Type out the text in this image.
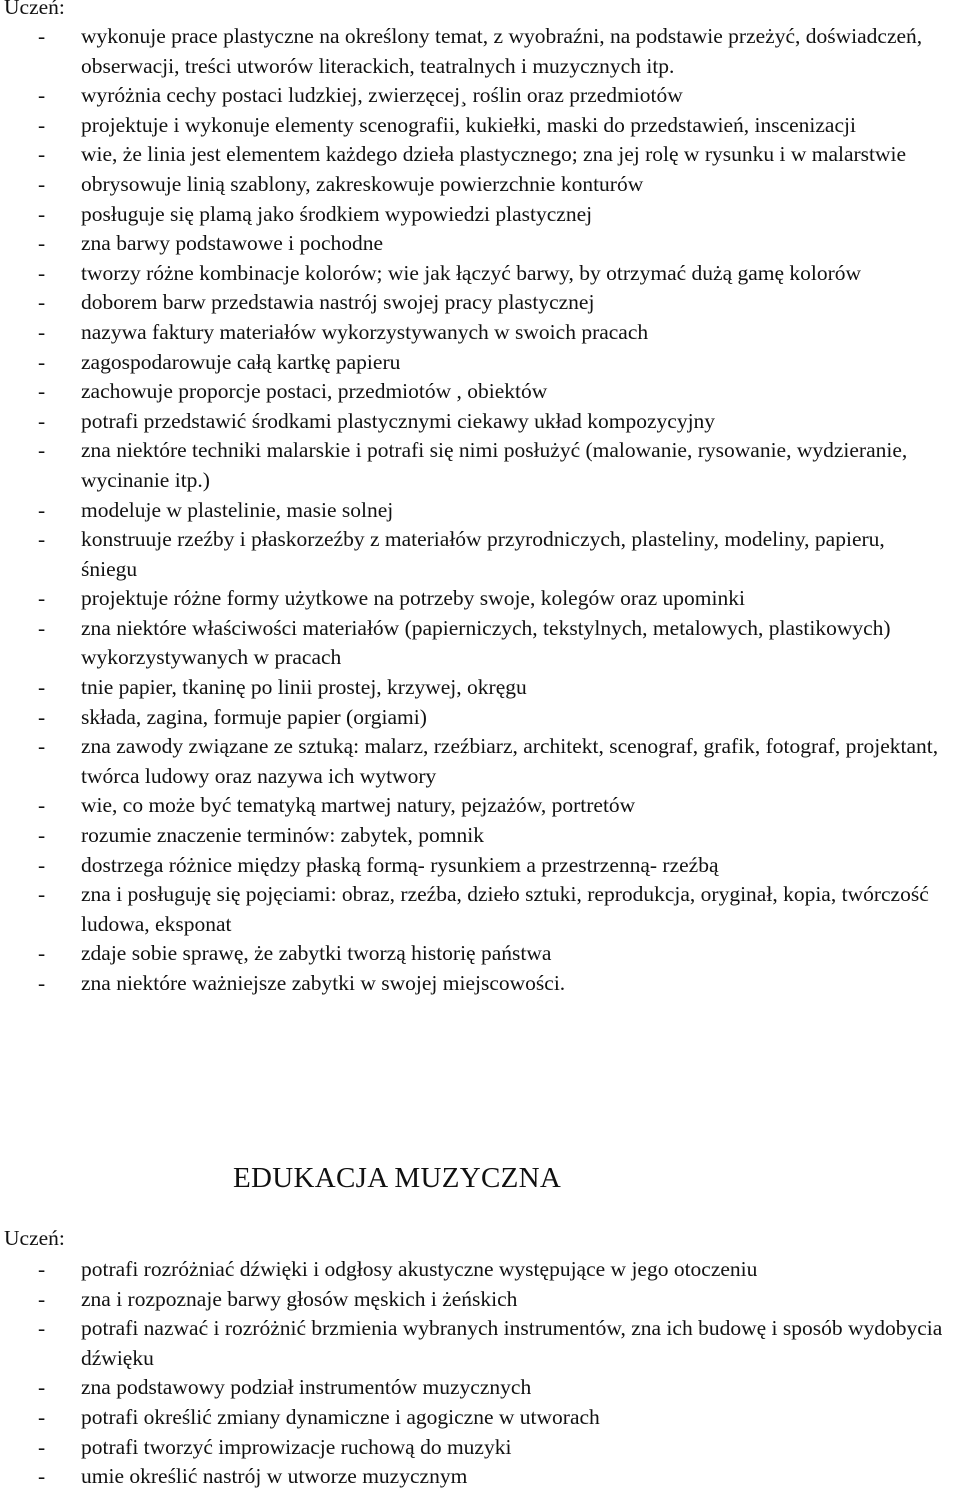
Uczeń:
- wykonuje prace plastyczne na określony temat, z wyobraźni, na podstawie przeżyć, doświadczeń, obserwacji, treści utworów literackich, teatralnych i muzycznych itp.
- wyróżnia cechy postaci ludzkiej, zwierzęcej¸ roślin oraz przedmiotów
- projektuje i wykonuje elementy scenografii, kukiełki, maski do przedstawień, inscenizacji
- wie, że linia jest elementem każdego dzieła plastycznego; zna jej rolę w rysunku i w malarstwie
- obrysowuje linią szablony, zakreskowuje powierzchnie konturów
- posługuje się plamą jako środkiem wypowiedzi plastycznej
- zna barwy podstawowe i pochodne
- tworzy różne kombinacje kolorów; wie jak łączyć barwy, by otrzymać dużą gamę kolorów
- doborem barw przedstawia nastrój swojej pracy plastycznej
- nazywa faktury materiałów wykorzystywanych w swoich pracach
- zagospodarowuje całą kartkę papieru
- zachowuje proporcje postaci, przedmiotów , obiektów
- potrafi przedstawić środkami plastycznymi ciekawy układ kompozycyjny
- zna niektóre techniki malarskie i potrafi się nimi posłużyć (malowanie, rysowanie, wydzieranie, wycinanie itp.)
- modeluje w plastelinie, masie solnej
- konstruuje rzeźby i płaskorzeźby z materiałów przyrodniczych, plasteliny, modeliny, papieru, śniegu
- projektuje różne formy użytkowe na potrzeby swoje, kolegów oraz upominki
- zna niektóre właściwości materiałów (papierniczych, tekstylnych, metalowych, plastikowych) wykorzystywanych w pracach
- tnie papier, tkaninę po linii prostej, krzywej, okręgu
- składa, zagina, formuje papier (orgiami)
- zna zawody związane ze sztuką: malarz, rzeźbiarz, architekt, scenograf, grafik, fotograf, projektant, twórca ludowy oraz nazywa ich wytwory
- wie, co może być tematyką martwej natury, pejzażów, portretów
- rozumie znaczenie terminów: zabytek, pomnik
- dostrzega różnice między płaską formą- rysunkiem a przestrzenną- rzeźbą
- zna i posługuję się pojęciami: obraz, rzeźba, dzieło sztuki, reprodukcja, oryginał, kopia, twórczość ludowa, eksponat
- zdaje sobie sprawę, że zabytki tworzą historię państwa
- zna niektóre ważniejsze zabytki w swojej miejscowości.
EDUKACJA MUZYCZNA
Uczeń:
- potrafi rozróżniać dźwięki i odgłosy akustyczne występujące w jego otoczeniu
- zna i rozpoznaje barwy głosów męskich i żeńskich
- potrafi nazwać i rozróżnić brzmienia wybranych instrumentów, zna ich budowę i sposób wydobycia dźwięku
- zna podstawowy podział instrumentów muzycznych
- potrafi określić zmiany dynamiczne i agogiczne w utworach
- potrafi tworzyć improwizacje ruchową do muzyki
- umie określić nastrój w utworze muzycznym
